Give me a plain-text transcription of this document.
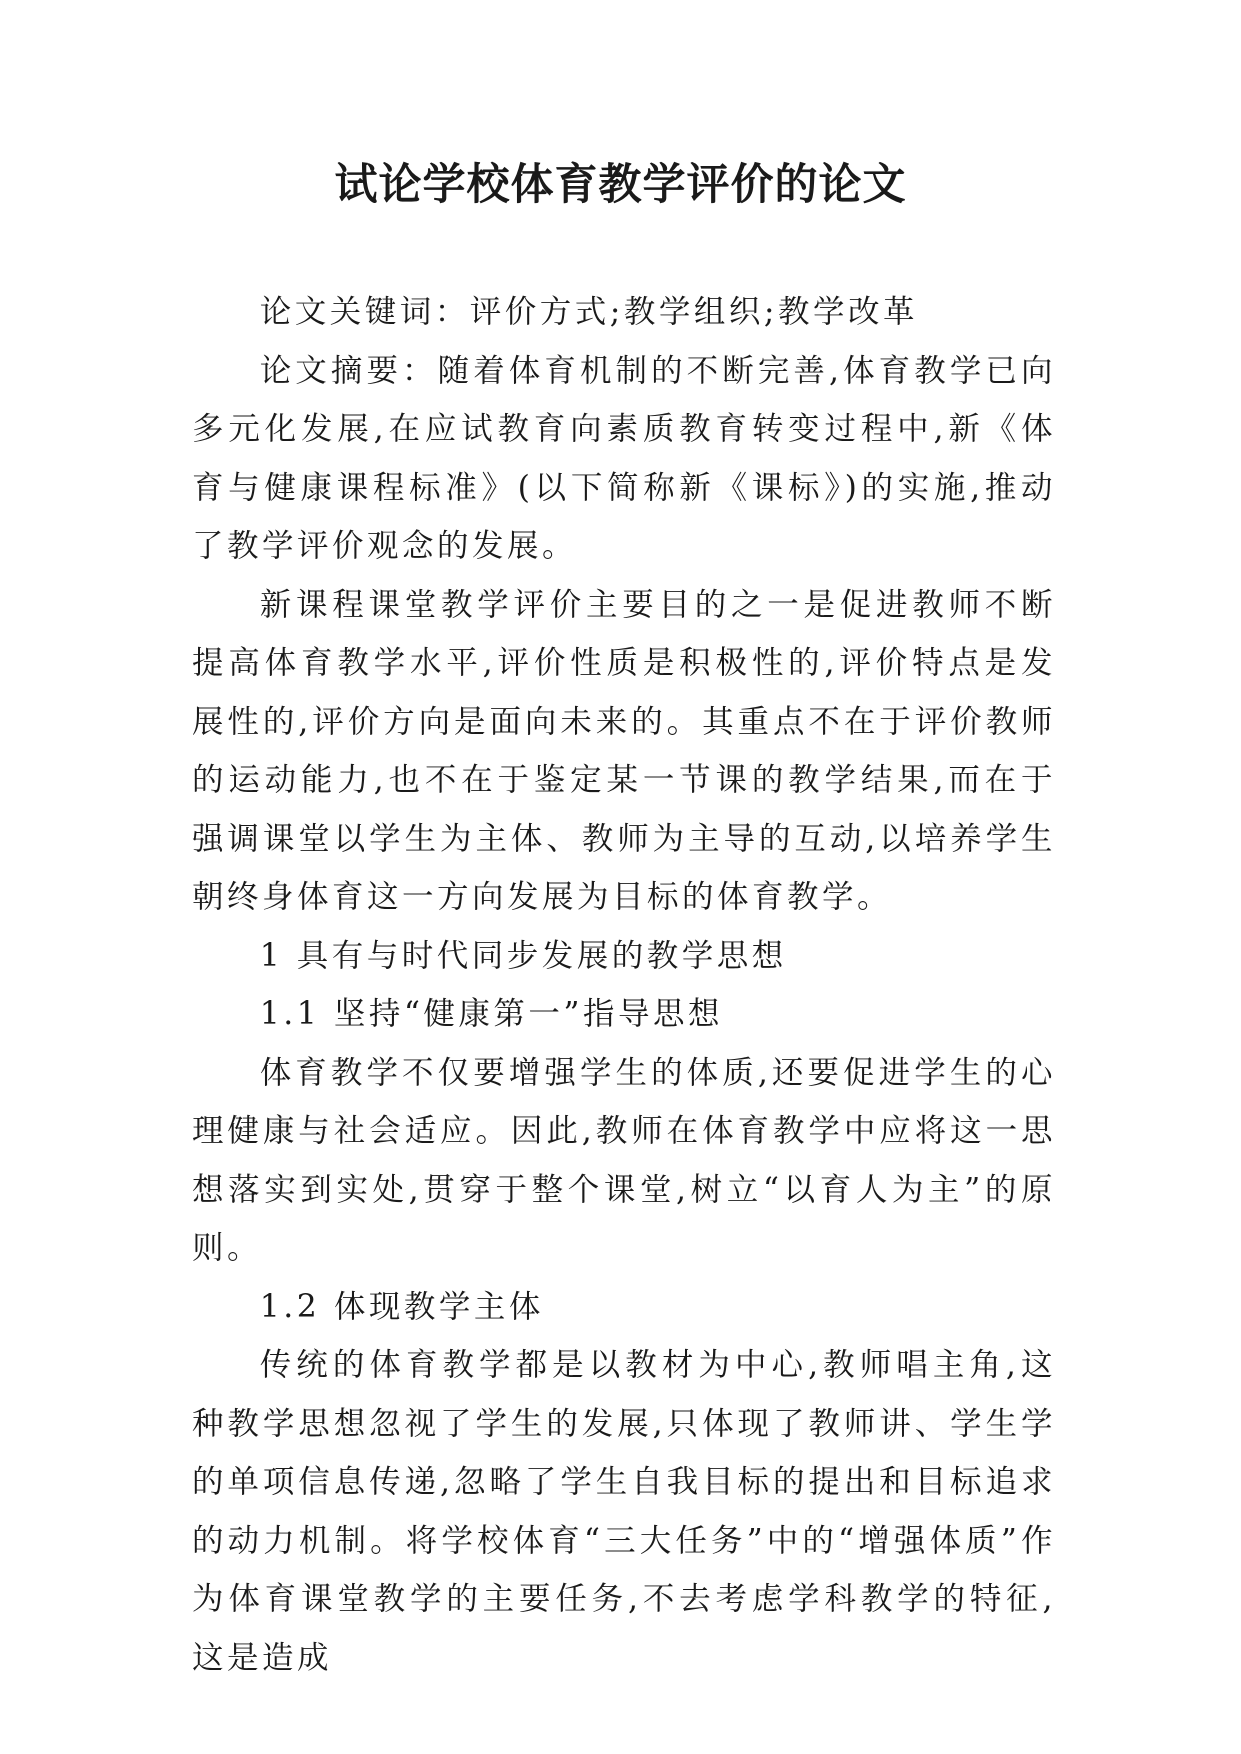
试论学校体育教学评价的论文

论文关键词：评价方式;教学组织;教学改革

论文摘要：随着体育机制的不断完善,体育教学已向多元化发展,在应试教育向素质教育转变过程中,新《体育与健康课程标准》(以下简称新《课标》)的实施,推动了教学评价观念的发展。

新课程课堂教学评价主要目的之一是促进教师不断提高体育教学水平,评价性质是积极性的,评价特点是发展性的,评价方向是面向未来的。其重点不在于评价教师的运动能力,也不在于鉴定某一节课的教学结果,而在于强调课堂以学生为主体、教师为主导的互动,以培养学生朝终身体育这一方向发展为目标的体育教学。

1 具有与时代同步发展的教学思想

1.1 坚持“健康第一”指导思想

体育教学不仅要增强学生的体质,还要促进学生的心理健康与社会适应。因此,教师在体育教学中应将这一思想落实到实处,贯穿于整个课堂,树立“以育人为主”的原则。

1.2 体现教学主体

传统的体育教学都是以教材为中心,教师唱主角,这种教学思想忽视了学生的发展,只体现了教师讲、学生学的单项信息传递,忽略了学生自我目标的提出和目标追求的动力机制。将学校体育“三大任务”中的“增强体质”作为体育课堂教学的主要任务,不去考虑学科教学的特征,这是造成
